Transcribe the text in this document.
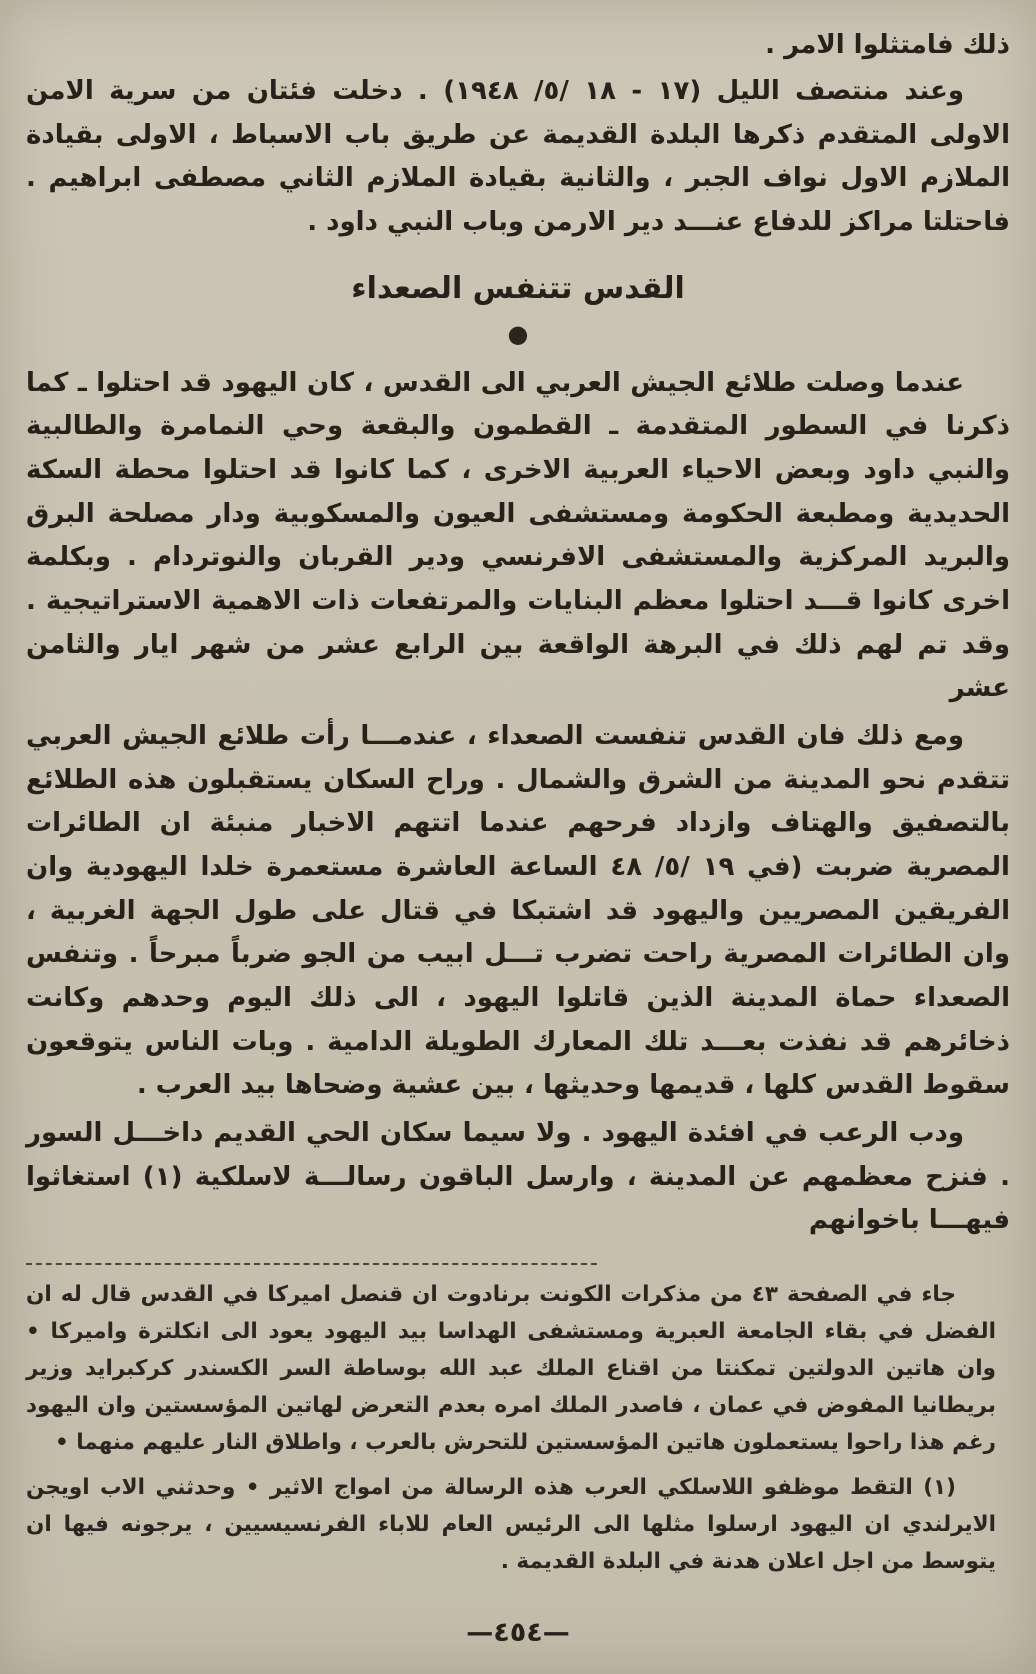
ذلك فامتثلوا الامر .

وعند منتصف الليل (١٧ - ١٨ /٥/ ١٩٤٨) . دخلت فئتان من سرية الامن الاولى المتقدم ذكرها البلدة القديمة عن طريق باب الاسباط ، الاولى بقيادة الملازم الاول نواف الجبر ، والثانية بقيادة الملازم الثاني مصطفى ابراهيم . فاحتلتا مراكز للدفاع عنـــد دير الارمن وباب النبي داود .

القدس تتنفس الصعداء
●

عندما وصلت طلائع الجيش العربي الى القدس ، كان اليهود قد احتلوا ـ كما ذكرنا في السطور المتقدمة ـ القطمون والبقعة وحي النمامرة والطالبية والنبي داود وبعض الاحياء العربية الاخرى ، كما كانوا قد احتلوا محطة السكة الحديدية ومطبعة الحكومة ومستشفى العيون والمسكوبية ودار مصلحة البرق والبريد المركزية والمستشفى الافرنسي ودير القربان والنوتردام . وبكلمة اخرى كانوا قـــد احتلوا معظم البنايات والمرتفعات ذات الاهمية الاستراتيجية . وقد تم لهم ذلك في البرهة الواقعة بين الرابع عشر من شهر ايار والثامن عشر

ومع ذلك فان القدس تنفست الصعداء ، عندمـــا رأت طلائع الجيش العربي تتقدم نحو المدينة من الشرق والشمال . وراح السكان يستقبلون هذه الطلائع بالتصفيق والهتاف وازداد فرحهم عندما اتتهم الاخبار منبئة ان الطائرات المصرية ضربت (في ١٩ /٥/ ٤٨ الساعة العاشرة مستعمرة خلدا اليهودية وان الفريقين المصريين واليهود قد اشتبكا في قتال على طول الجهة الغربية ، وان الطائرات المصرية راحت تضرب تـــل ابيب من الجو ضرباً مبرحاً . وتنفس الصعداء حماة المدينة الذين قاتلوا اليهود ، الى ذلك اليوم وحدهم وكانت ذخائرهم قد نفذت بعـــد تلك المعارك الطويلة الدامية . وبات الناس يتوقعون سقوط القدس كلها ، قديمها وحديثها ، بين عشية وضحاها بيد العرب .

ودب الرعب في افئدة اليهود . ولا سيما سكان الحي القديم داخـــل السور . فنزح معظمهم عن المدينة ، وارسل الباقون رسالـــة لاسلكية (١) استغاثوا فيهـــا باخوانهم

جاء في الصفحة ٤٣ من مذكرات الكونت برنادوت ان قنصل اميركا في القدس قال له ان الفضل في بقاء الجامعة العبرية ومستشفى الهداسا بيد اليهود يعود الى انكلترة واميركا • وان هاتين الدولتين تمكنتا من اقناع الملك عبد الله بوساطة السر الكسندر كركبرايد وزير بريطانيا المفوض في عمان ، فاصدر الملك امره بعدم التعرض لهاتين المؤسستين وان اليهود رغم هذا راحوا يستعملون هاتين المؤسستين للتحرش بالعرب ، واطلاق النار عليهم منهما •

(١) التقط موظفو اللاسلكي العرب هذه الرسالة من امواج الاثير • وحدثني الاب اويجن الايرلندي ان اليهود ارسلوا مثلها الى الرئيس العام للاباء الفرنسيسيين ، يرجونه فيها ان يتوسط من اجل اعلان هدنة في البلدة القديمة .

—٤٥٤—
